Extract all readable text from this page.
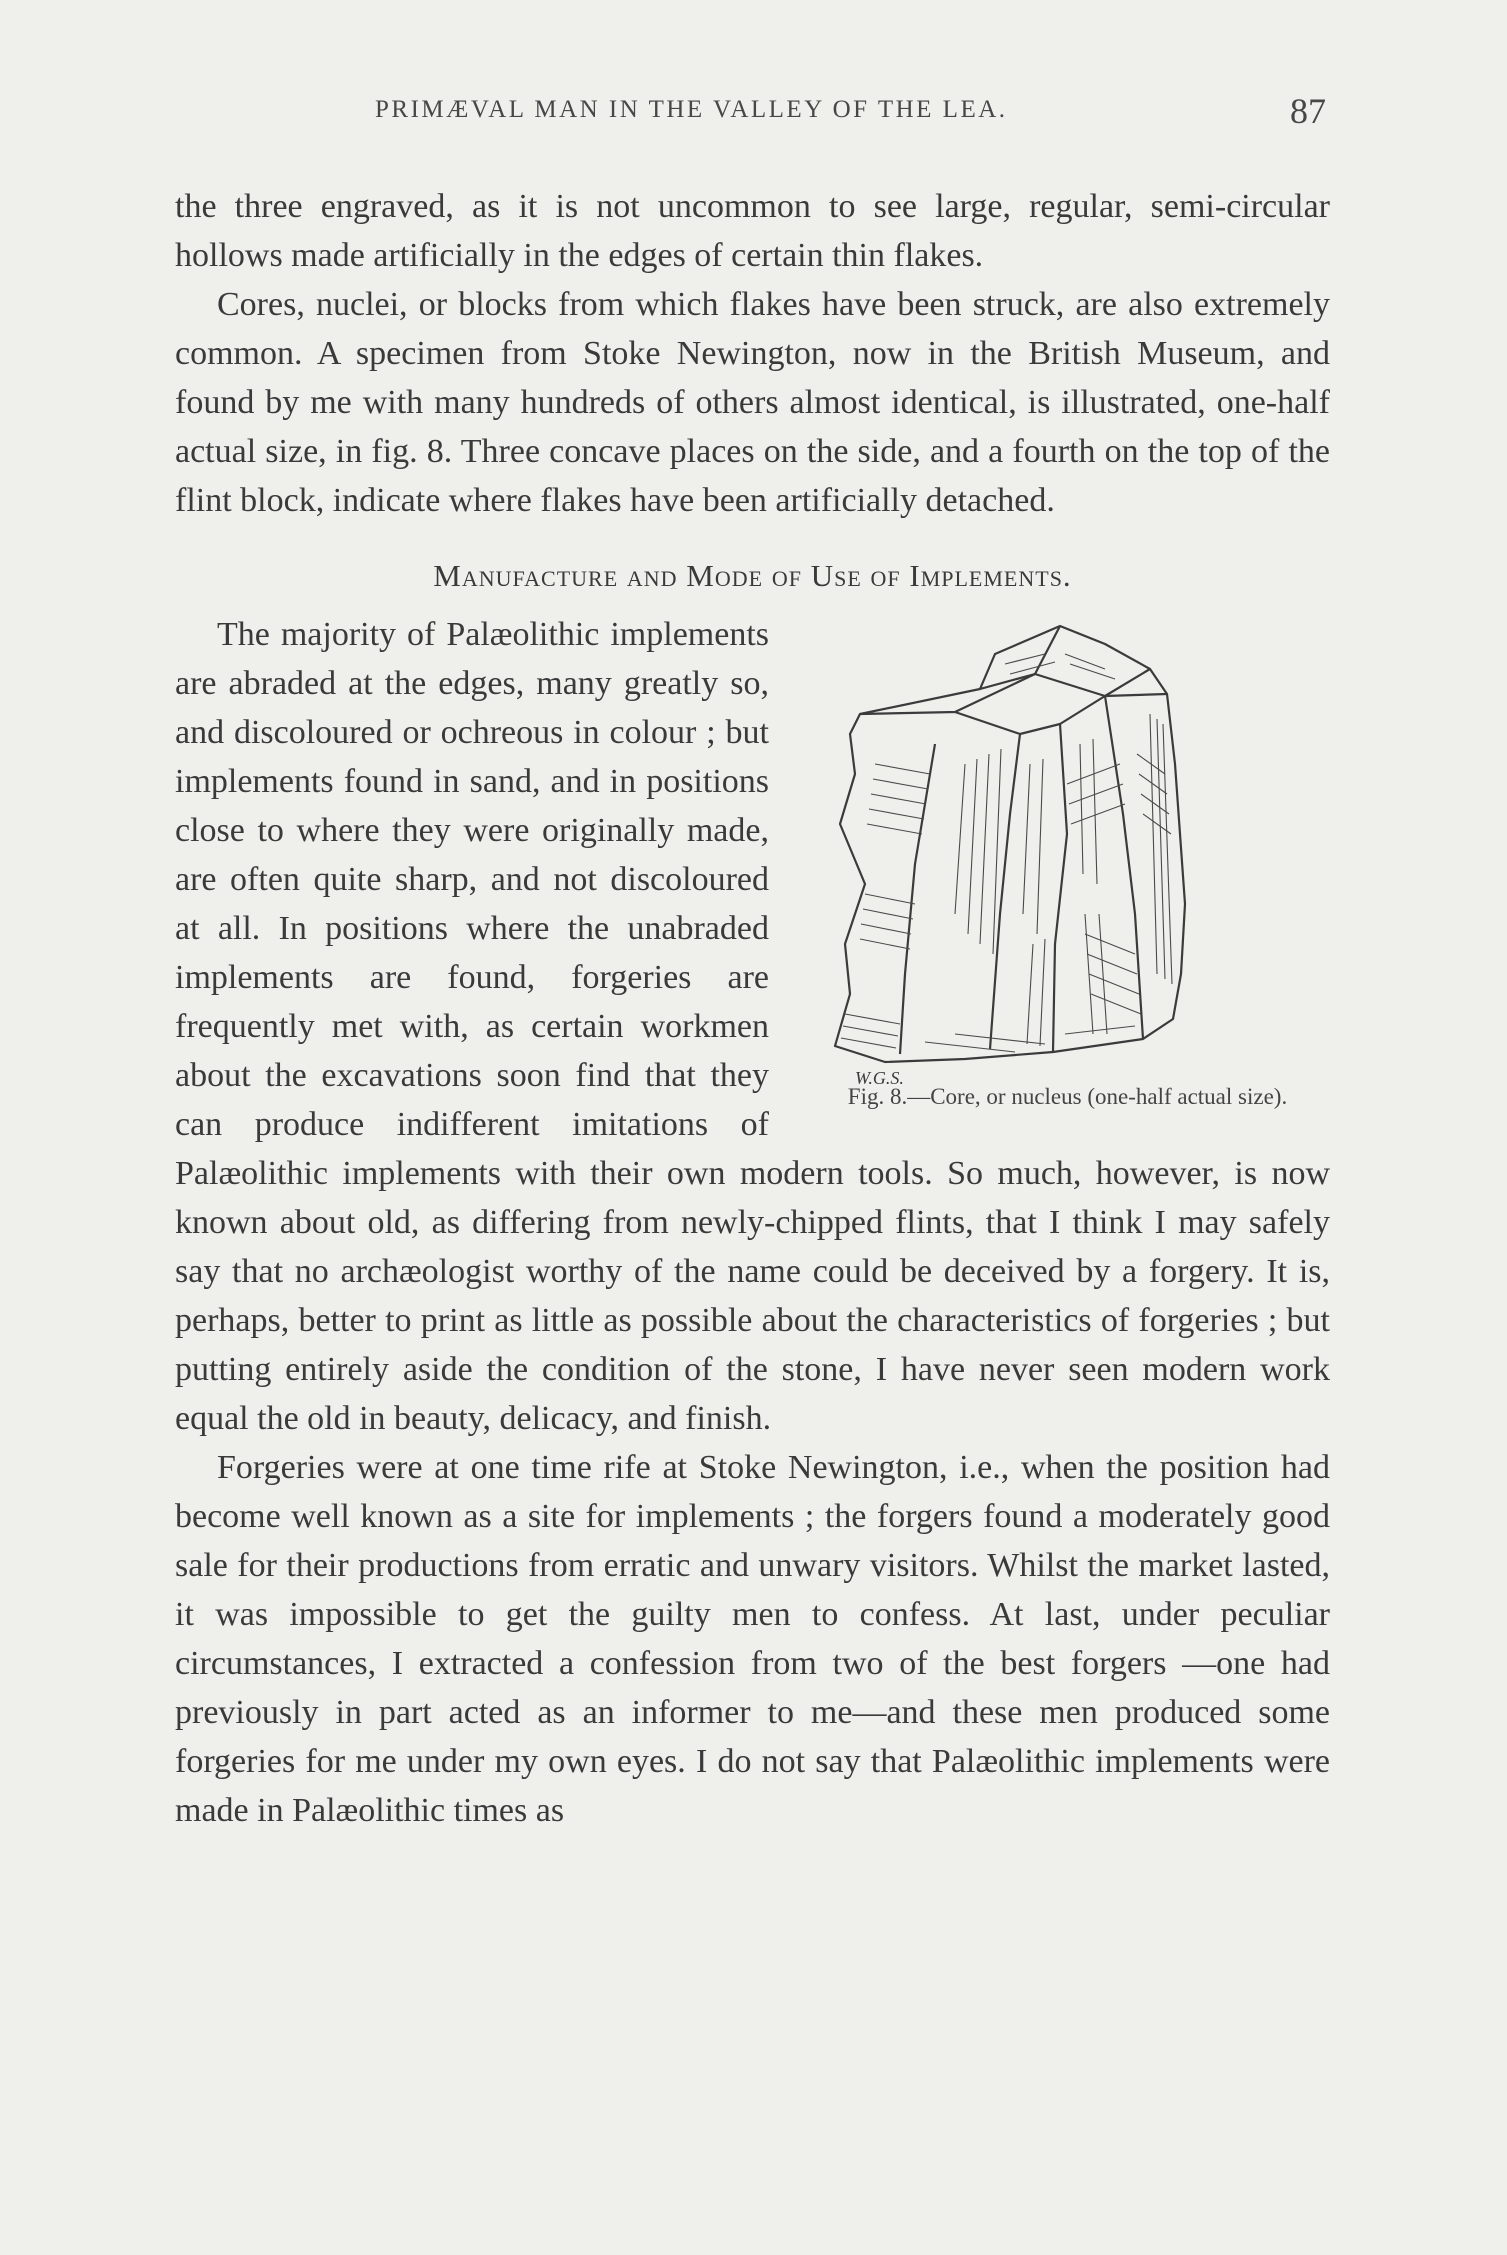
PRIMÆVAL MAN IN THE VALLEY OF THE LEA.	87

the three engraved, as it is not uncommon to see large, regular, semi-circular hollows made artificially in the edges of certain thin flakes.

Cores, nuclei, or blocks from which flakes have been struck, are also extremely common. A specimen from Stoke Newington, now in the British Museum, and found by me with many hundreds of others almost identical, is illustrated, one-half actual size, in fig. 8. Three concave places on the side, and a fourth on the top of the flint block, indicate where flakes have been artificially detached.

Manufacture and Mode of Use of Implements.

W.G.S.
Fig. 8.—Core, or nucleus (one-half actual size).

The majority of Palæolithic implements are abraded at the edges, many greatly so, and discoloured or ochreous in colour ; but implements found in sand, and in positions close to where they were originally made, are often quite sharp, and not discoloured at all. In positions where the unabraded implements are found, forgeries are frequently met with, as certain workmen about the excavations soon find that they can produce indifferent imitations of Palæolithic implements with their own modern tools. So much, however, is now known about old, as differing from newly-chipped flints, that I think I may safely say that no archæologist worthy of the name could be deceived by a forgery. It is, perhaps, better to print as little as possible about the characteristics of forgeries ; but putting entirely aside the condition of the stone, I have never seen modern work equal the old in beauty, delicacy, and finish.

Forgeries were at one time rife at Stoke Newington, i.e., when the position had become well known as a site for implements ; the forgers found a moderately good sale for their productions from erratic and unwary visitors. Whilst the market lasted, it was impossible to get the guilty men to confess. At last, under peculiar circumstances, I extracted a confession from two of the best forgers —one had previously in part acted as an informer to me—and these men produced some forgeries for me under my own eyes. I do not say that Palæolithic implements were made in Palæolithic times as
